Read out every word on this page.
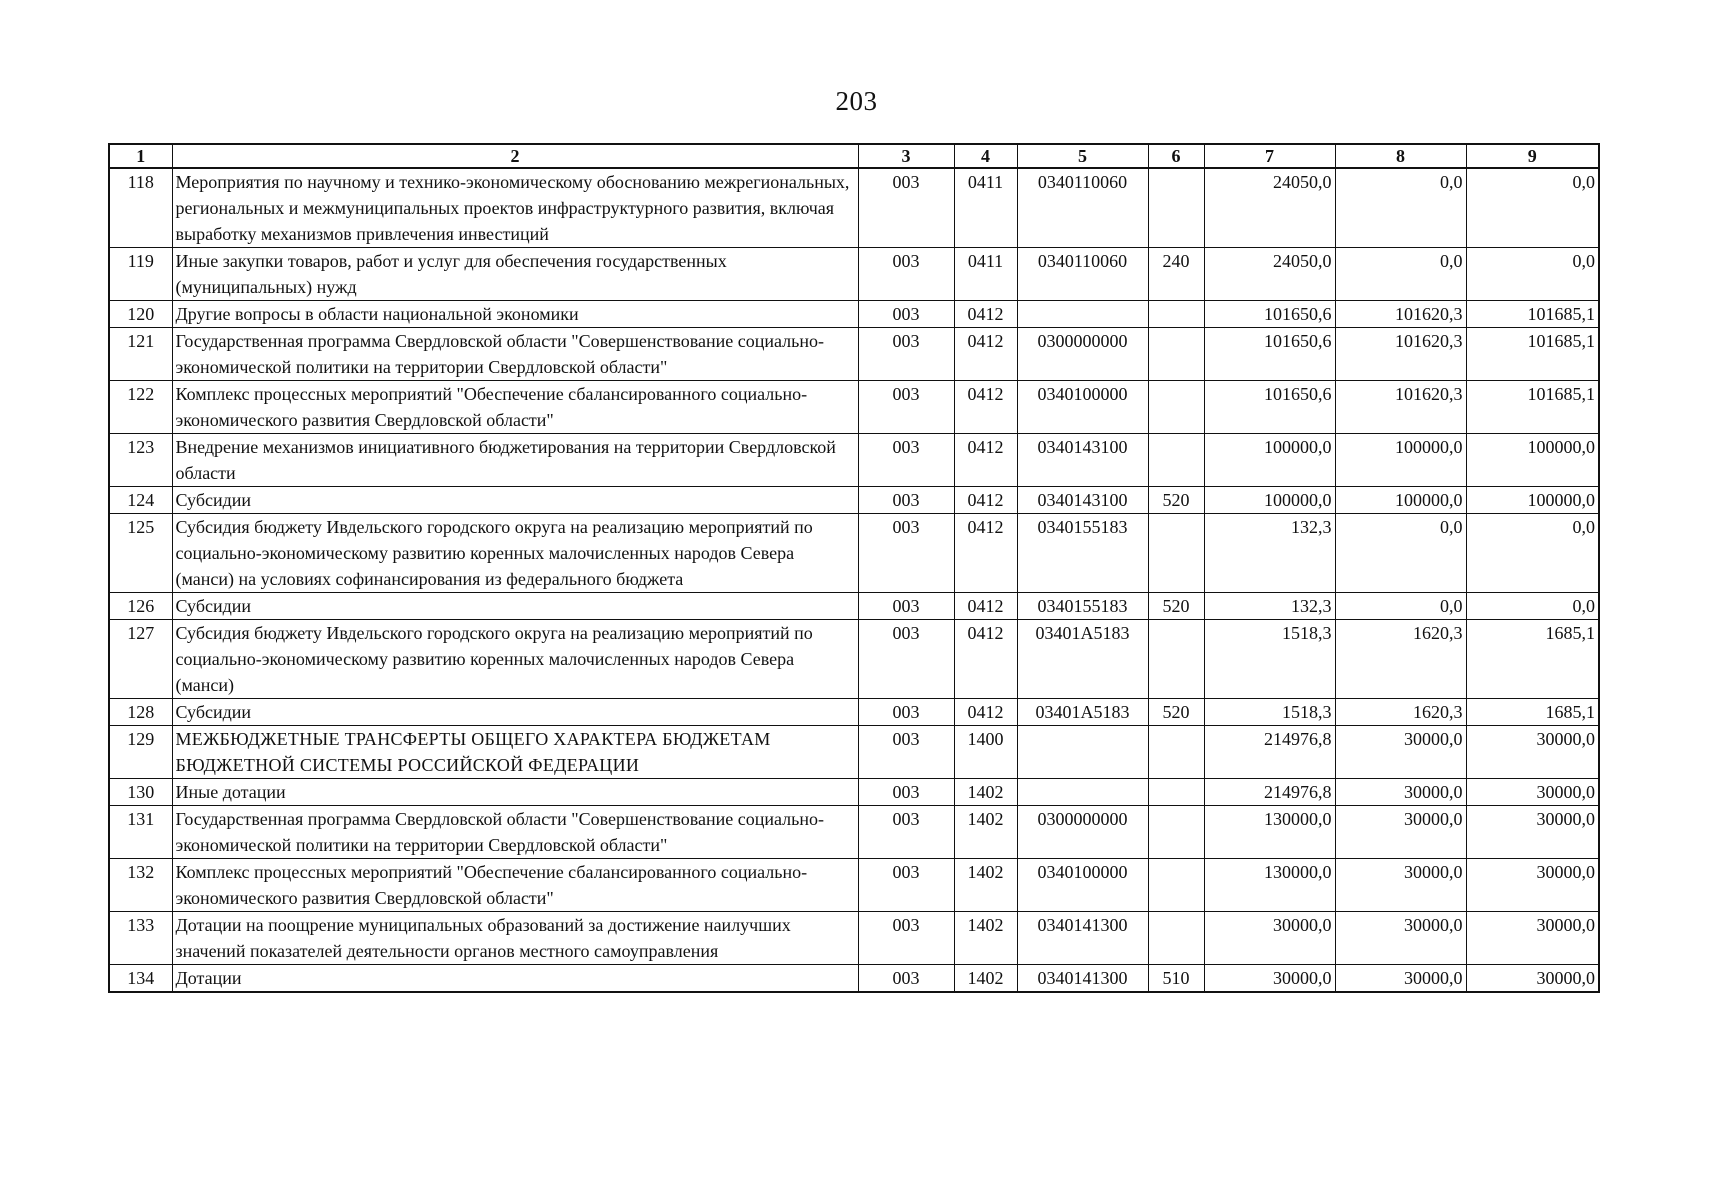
203
1	2	3	4	5	6	7	8	9
118	Мероприятия по научному и технико-экономическому обоснованию межрегиональных, региональных и межмуниципальных проектов инфраструктурного развития, включая выработку механизмов привлечения инвестиций	003	0411	0340110060		24050,0	0,0	0,0
119	Иные закупки товаров, работ и услуг для обеспечения государственных (муниципальных) нужд	003	0411	0340110060	240	24050,0	0,0	0,0
120	Другие вопросы в области национальной экономики	003	0412			101650,6	101620,3	101685,1
121	Государственная программа Свердловской области "Совершенствование социально-экономической политики на территории Свердловской области"	003	0412	0300000000		101650,6	101620,3	101685,1
122	Комплекс процессных мероприятий "Обеспечение сбалансированного социально-экономического развития Свердловской области"	003	0412	0340100000		101650,6	101620,3	101685,1
123	Внедрение механизмов инициативного бюджетирования на территории Свердловской области	003	0412	0340143100		100000,0	100000,0	100000,0
124	Субсидии	003	0412	0340143100	520	100000,0	100000,0	100000,0
125	Субсидия бюджету Ивдельского городского округа на реализацию мероприятий по социально-экономическому развитию коренных малочисленных народов Севера (манси) на условиях софинансирования из федерального бюджета	003	0412	0340155183		132,3	0,0	0,0
126	Субсидии	003	0412	0340155183	520	132,3	0,0	0,0
127	Субсидия бюджету Ивдельского городского округа на реализацию мероприятий по социально-экономическому развитию коренных малочисленных народов Севера (манси)	003	0412	03401А5183		1518,3	1620,3	1685,1
128	Субсидии	003	0412	03401А5183	520	1518,3	1620,3	1685,1
129	МЕЖБЮДЖЕТНЫЕ ТРАНСФЕРТЫ ОБЩЕГО ХАРАКТЕРА БЮДЖЕТАМ БЮДЖЕТНОЙ СИСТЕМЫ РОССИЙСКОЙ ФЕДЕРАЦИИ	003	1400			214976,8	30000,0	30000,0
130	Иные дотации	003	1402			214976,8	30000,0	30000,0
131	Государственная программа Свердловской области "Совершенствование социально-экономической политики на территории Свердловской области"	003	1402	0300000000		130000,0	30000,0	30000,0
132	Комплекс процессных мероприятий "Обеспечение сбалансированного социально-экономического развития Свердловской области"	003	1402	0340100000		130000,0	30000,0	30000,0
133	Дотации на поощрение муниципальных образований за достижение наилучших значений показателей деятельности органов местного самоуправления	003	1402	0340141300		30000,0	30000,0	30000,0
134	Дотации	003	1402	0340141300	510	30000,0	30000,0	30000,0
